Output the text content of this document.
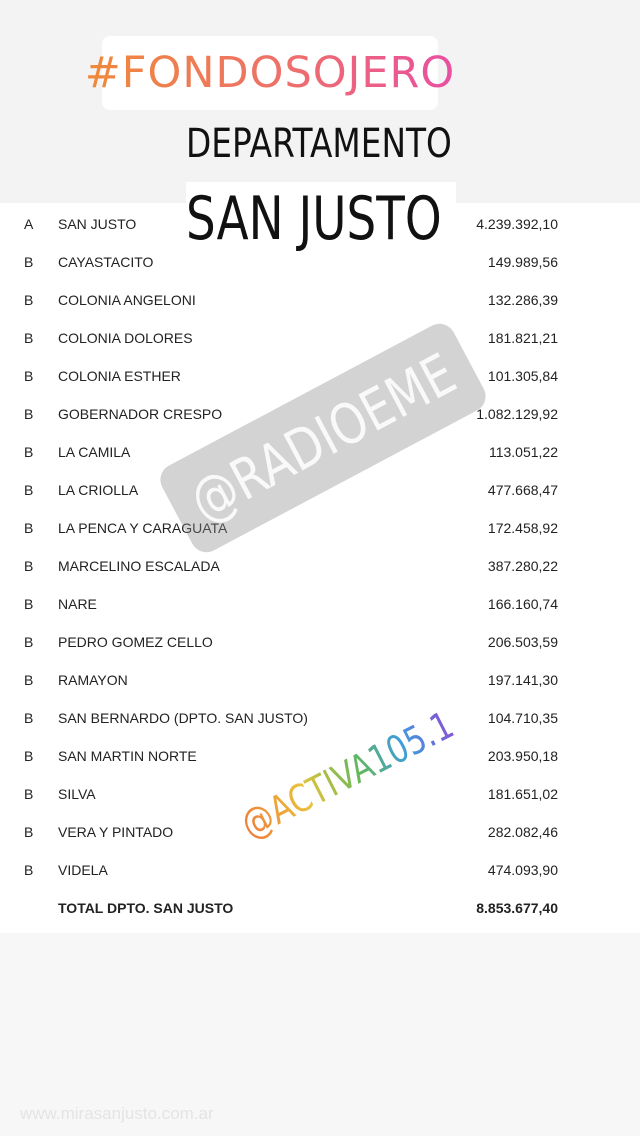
#FONDOSOJERO
DEPARTAMENTO
SAN JUSTO
A SAN JUSTO	4.239.392,10
B CAYASTACITO	149.989,56
B COLONIA ANGELONI	132.286,39
B COLONIA DOLORES	181.821,21
B COLONIA ESTHER	101.305,84
B GOBERNADOR CRESPO	1.082.129,92
B LA CAMILA	113.051,22
B LA CRIOLLA	477.668,47
B LA PENCA Y CARAGUATA	172.458,92
B MARCELINO ESCALADA	387.280,22
B NARE	166.160,74
B PEDRO GOMEZ CELLO	206.503,59
B RAMAYON	197.141,30
B SAN BERNARDO (DPTO. SAN JUSTO)	104.710,35
B SAN MARTIN NORTE	203.950,18
B SILVA	181.651,02
B VERA Y PINTADO	282.082,46
B VIDELA	474.093,90
TOTAL DPTO. SAN JUSTO	8.853.677,40
@RADIOEME
@ACTIVA105.1
www.mirasanjusto.com.ar
